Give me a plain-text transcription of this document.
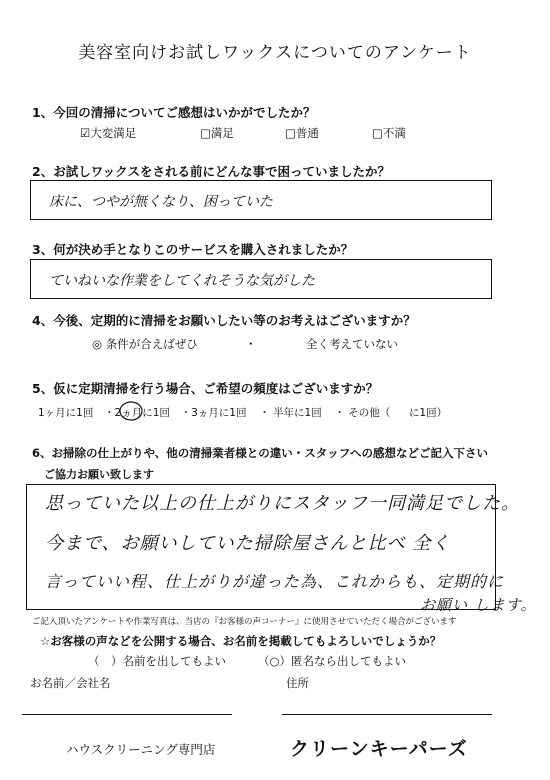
美容室向けお試しワックスについてのアンケート
1、今回の清掃についてご感想はいかがでしたか？
☑大変満足	□満足	□普通	□不満
2、お試しワックスをされる前にどんな事で困っていましたか？
床に、つやが無くなり、困っていた
3、何が決め手となりこのサービスを購入されましたか？
ていねいな作業をしてくれそうな気がした
4、今後、定期的に清掃をお願いしたい等のお考えはございますか？
◎ 条件が合えばぜひ	・	全く考えていない
5、仮に定期清掃を行う場合、ご希望の頻度はございますか？
1ヶ月に1回 ・2ヵ月に1回 ・3ヵ月に1回 ・ 半年に1回 ・ その他（ に1回）
6、お掃除の仕上がりや、他の清掃業者様との違い・スタッフへの感想などご記入下さい
ご協力お願い致します
思っていた以上の仕上がりにスタッフ一同満足でした。
今まで、お願いしていた掃除屋さんと比べ 全く
言っていい程、仕上がりが違った為、これからも、定期的に
お願い します。
ご記入頂いたアンケートや作業写真は、当店の『お客様の声コーナー』に使用させていただく場合がございます
☆お客様の声などを公開する場合、お名前を掲載してもよろしいでしょうか？
（　）名前を出してもよい	（○）匿名なら出してもよい
お名前／会社名	住所
ハウスクリーニング専門店	クリーンキーパーズ
